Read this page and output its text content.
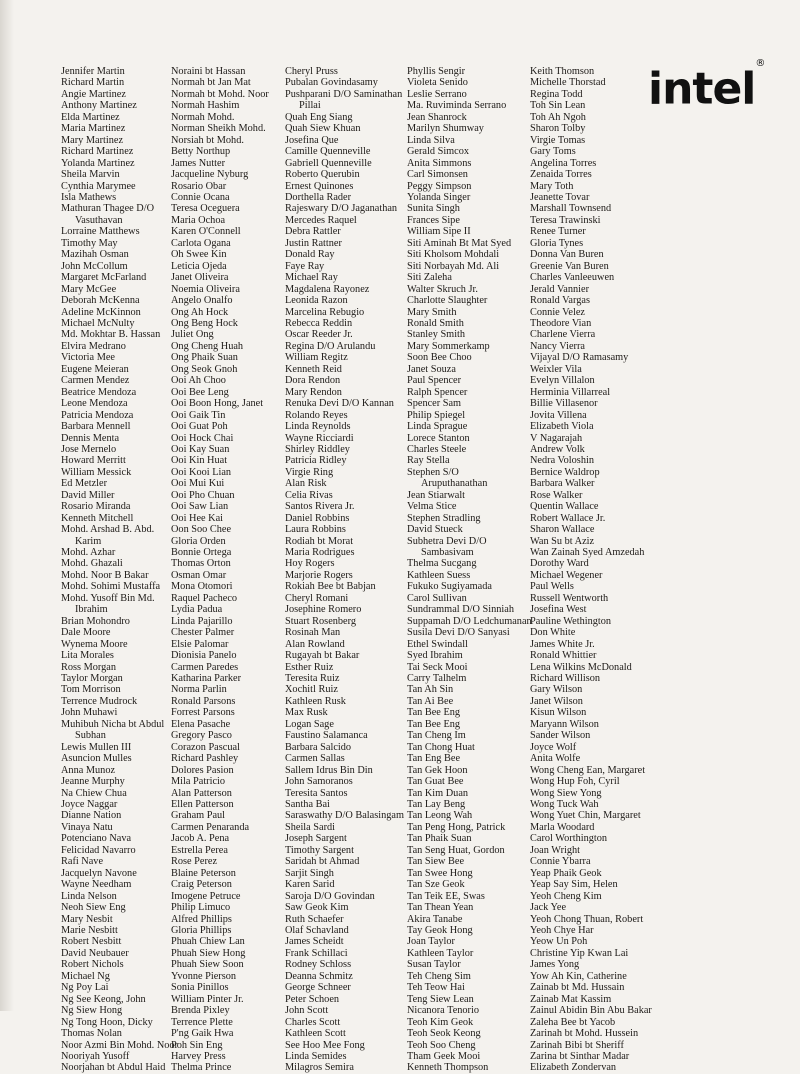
Jennifer Martin
Richard Martin
Angie Martinez
Anthony Martinez
Elda Martinez
Maria Martinez
Mary Martinez
Richard Martinez
Yolanda Martinez
Sheila Marvin
Cynthia Marymee
Isla Mathews
Mathuran Thagee D/O
Vasuthavan
Lorraine Matthews
Timothy May
Mazihah Osman
John McCollum
Margaret McFarland
Mary McGee
Deborah McKenna
Adeline McKinnon
Michael McNulty
Md. Mokhtar B. Hassan
Elvira Medrano
Victoria Mee
Eugene Meieran
Carmen Mendez
Beatrice Mendoza
Leone Mendoza
Patricia Mendoza
Barbara Mennell
Dennis Menta
Jose Mernelo
Howard Merritt
William Messick
Ed Metzler
David Miller
Rosario Miranda
Kenneth Mitchell
Mohd. Arshad B. Abd.
Karim
Mohd. Azhar
Mohd. Ghazali
Mohd. Noor B Bakar
Mohd. Sohimi Mustaffa
Mohd. Yusoff Bin Md.
Ibrahim
Brian Mohondro
Dale Moore
Wynema Moore
Lita Morales
Ross Morgan
Taylor Morgan
Tom Morrison
Terrence Mudrock
John Muhawi
Muhibuh Nicha bt Abdul
Subhan
Lewis Mullen III
Asuncion Mulles
Anna Munoz
Jeanne Murphy
Na Chiew Chua
Joyce Naggar
Dianne Nation
Vinaya Natu
Potenciano Nava
Felicidad Navarro
Rafi Nave
Jacquelyn Navone
Wayne Needham
Linda Nelson
Neoh Siew Eng
Mary Nesbit
Marie Nesbitt
Robert Nesbitt
David Neubauer
Robert Nichols
Michael Ng
Ng Poy Lai
Ng See Keong, John
Ng Siew Hong
Ng Tong Hoon, Dicky
Thomas Nolan
Noor Azmi Bin Mohd. Noor
Nooriyah Yusoff
Noorjahan bt Abdul Haid
Noraini bt Hassan
Normah bt Jan Mat
Normah bt Mohd. Noor
Normah Hashim
Normah Mohd.
Norman Sheikh Mohd.
Norsiah bt Mohd.
Betty Northup
James Nutter
Jacqueline Nyburg
Rosario Obar
Connie Ocana
Teresa Oceguera
Maria Ochoa
Karen O'Connell
Carlota Ogana
Oh Swee Kin
Leticia Ojeda
Janet Oliveira
Noemia Oliveira
Angelo Onalfo
Ong Ah Hock
Ong Beng Hock
Juliet Ong
Ong Cheng Huah
Ong Phaik Suan
Ong Seok Gnoh
Ooi Ah Choo
Ooi Bee Leng
Ooi Boon Hong, Janet
Ooi Gaik Tin
Ooi Guat Poh
Ooi Hock Chai
Ooi Kay Suan
Ooi Kin Huat
Ooi Kooi Lian
Ooi Mui Kui
Ooi Pho Chuan
Ooi Saw Lian
Ooi Hee Kai
Oon Soo Chee
Gloria Orden
Bonnie Ortega
Thomas Orton
Osman Omar
Mona Otomori
Raquel Pacheco
Lydia Padua
Linda Pajarillo
Chester Palmer
Elsie Palomar
Dionisia Panelo
Carmen Paredes
Katharina Parker
Norma Parlin
Ronald Parsons
Forrest Parsons
Elena Pasache
Gregory Pasco
Corazon Pascual
Richard Pashley
Dolores Pasion
Mila Patricio
Alan Patterson
Ellen Patterson
Graham Paul
Carmen Penaranda
Jacob A. Pena
Estrella Perea
Rose Perez
Blaine Peterson
Craig Peterson
Imogene Petruce
Philip Limuco
Alfred Phillips
Gloria Phillips
Phuah Chiew Lan
Phuah Siew Hong
Phuah Siew Soon
Yvonne Pierson
Sonia Pinillos
William Pinter Jr.
Brenda Pixley
Terrence Plette
P'ng Gaik Hwa
Poh Sin Eng
Harvey Press
Thelma Prince
Cheryl Pruss
Pubalan Govindasamy
Pushparani D/O Saminathan
Pillai
Quah Eng Siang
Quah Siew Khuan
Josefina Que
Camille Quenneville
Gabriell Quenneville
Roberto Querubin
Ernest Quinones
Dorthella Rader
Rajeswary D/O Jaganathan
Mercedes Raquel
Debra Rattler
Justin Rattner
Donald Ray
Faye Ray
Michael Ray
Magdalena Rayonez
Leonida Razon
Marcelina Rebugio
Rebecca Reddin
Oscar Reeder Jr.
Regina D/O Arulandu
William Regitz
Kenneth Reid
Dora Rendon
Mary Rendon
Renuka Devi D/O Kannan
Rolando Reyes
Linda Reynolds
Wayne Ricciardi
Shirley Riddley
Patricia Ridley
Virgie Ring
Alan Risk
Celia Rivas
Santos Rivera Jr.
Daniel Robbins
Laura Robbins
Rodiah bt Morat
Maria Rodrigues
Hoy Rogers
Marjorie Rogers
Rokiah Bee bt Babjan
Cheryl Romani
Josephine Romero
Stuart Rosenberg
Rosinah Man
Alan Rowland
Rugayah bt Bakar
Esther Ruiz
Teresita Ruiz
Xochitl Ruiz
Kathleen Rusk
Max Rusk
Logan Sage
Faustino Salamanca
Barbara Salcido
Carmen Sallas
Sallem Idrus Bin Din
John Samoranos
Teresita Santos
Santha Bai
Saraswathy D/O Balasingam
Sheila Sardi
Joseph Sargent
Timothy Sargent
Saridah bt Ahmad
Sarjit Singh
Karen Sarid
Saroja D/O Govindan
Saw Geok Kim
Ruth Schaefer
Olaf Schavland
James Scheidt
Frank Schillaci
Rodney Schloss
Deanna Schmitz
George Schneer
Peter Schoen
John Scott
Charles Scott
Kathleen Scott
See Hoo Mee Fong
Linda Semides
Milagros Semira
Phyllis Sengir
Violeta Senido
Leslie Serrano
Ma. Ruviminda Serrano
Jean Shanrock
Marilyn Shumway
Linda Silva
Gerald Simcox
Anita Simmons
Carl Simonsen
Peggy Simpson
Yolanda Singer
Sunita Singh
Frances Sipe
William Sipe II
Siti Aminah Bt Mat Syed
Siti Kholsom Mohdali
Siti Norbayah Md. Ali
Siti Zaleha
Walter Skruch Jr.
Charlotte Slaughter
Mary Smith
Ronald Smith
Stanley Smith
Mary Sommerkamp
Soon Bee Choo
Janet Souza
Paul Spencer
Ralph Spencer
Spencer Sam
Philip Spiegel
Linda Sprague
Lorece Stanton
Charles Steele
Ray Stella
Stephen S/O
Aruputhanathan
Jean Stiarwalt
Velma Stice
Stephen Stradling
David Stueck
Subhetra Devi D/O
Sambasivam
Thelma Sucgang
Kathleen Suess
Fukuko Sugiyamada
Carol Sullivan
Sundrammal D/O Sinniah
Suppamah D/O Ledchumanan
Susila Devi D/O Sanyasi
Ethel Swindall
Syed Ibrahim
Tai Seck Mooi
Carry Talhelm
Tan Ah Sin
Tan Ai Bee
Tan Bee Eng
Tan Bee Eng
Tan Cheng Im
Tan Chong Huat
Tan Eng Bee
Tan Gek Hoon
Tan Guat Bee
Tan Kim Duan
Tan Lay Beng
Tan Leong Wah
Tan Peng Hong, Patrick
Tan Phaik Suan
Tan Seng Huat, Gordon
Tan Siew Bee
Tan Swee Hong
Tan Sze Geok
Tan Teik EE, Swas
Tan Thean Yean
Akira Tanabe
Tay Geok Hong
Joan Taylor
Kathleen Taylor
Susan Taylor
Teh Cheng Sim
Teh Teow Hai
Teng Siew Lean
Nicanora Tenorio
Teoh Kim Geok
Teoh Seok Keong
Teoh Soo Cheng
Tham Geek Mooi
Kenneth Thompson
Keith Thomson
Michelle Thorstad
Regina Todd
Toh Sin Lean
Toh Ah Ngoh
Sharon Tolby
Virgie Tomas
Gary Toms
Angelina Torres
Zenaida Torres
Mary Toth
Jeanette Tovar
Marshall Townsend
Teresa Trawinski
Renee Turner
Gloria Tynes
Donna Van Buren
Greenie Van Buren
Charles Vanleeuwen
Jerald Vannier
Ronald Vargas
Connie Velez
Theodore Vian
Charlene Vierra
Nancy Vierra
Vijayal D/O Ramasamy
Weixler Vila
Evelyn Villalon
Herminia Villarreal
Billie Villasenor
Jovita Villena
Elizabeth Viola
V Nagarajah
Andrew Volk
Nedra Voloshin
Bernice Waldrop
Barbara Walker
Rose Walker
Quentin Wallace
Robert Wallace Jr.
Sharon Wallace
Wan Su bt Aziz
Wan Zainah Syed Amzedah
Dorothy Ward
Michael Wegener
Paul Wells
Russell Wentworth
Josefina West
Pauline Wethington
Don White
James White Jr.
Ronald Whittier
Lena Wilkins McDonald
Richard Willison
Gary Wilson
Janet Wilson
Kisun Wilson
Maryann Wilson
Sander Wilson
Joyce Wolf
Anita Wolfe
Wong Cheng Ean, Margaret
Wong Hup Foh, Cyril
Wong Siew Yong
Wong Tuck Wah
Wong Yuet Chin, Margaret
Marla Woodard
Carol Worthington
Joan Wright
Connie Ybarra
Yeap Phaik Geok
Yeap Say Sim, Helen
Yeoh Cheng Kim
Jack Yee
Yeoh Chong Thuan, Robert
Yeoh Chye Har
Yeow Un Poh
Christine Yip Kwan Lai
James Yong
Yow Ah Kin, Catherine
Zainab bt Md. Hussain
Zainab Mat Kassim
Zainul Abidin Bin Abu Bakar
Zaleha Bee bt Yacob
Zarinah bt Mohd. Hussein
Zarinah Bibi bt Sheriff
Zarina bt Sinthar Madar
Elizabeth Zondervan
intel®
